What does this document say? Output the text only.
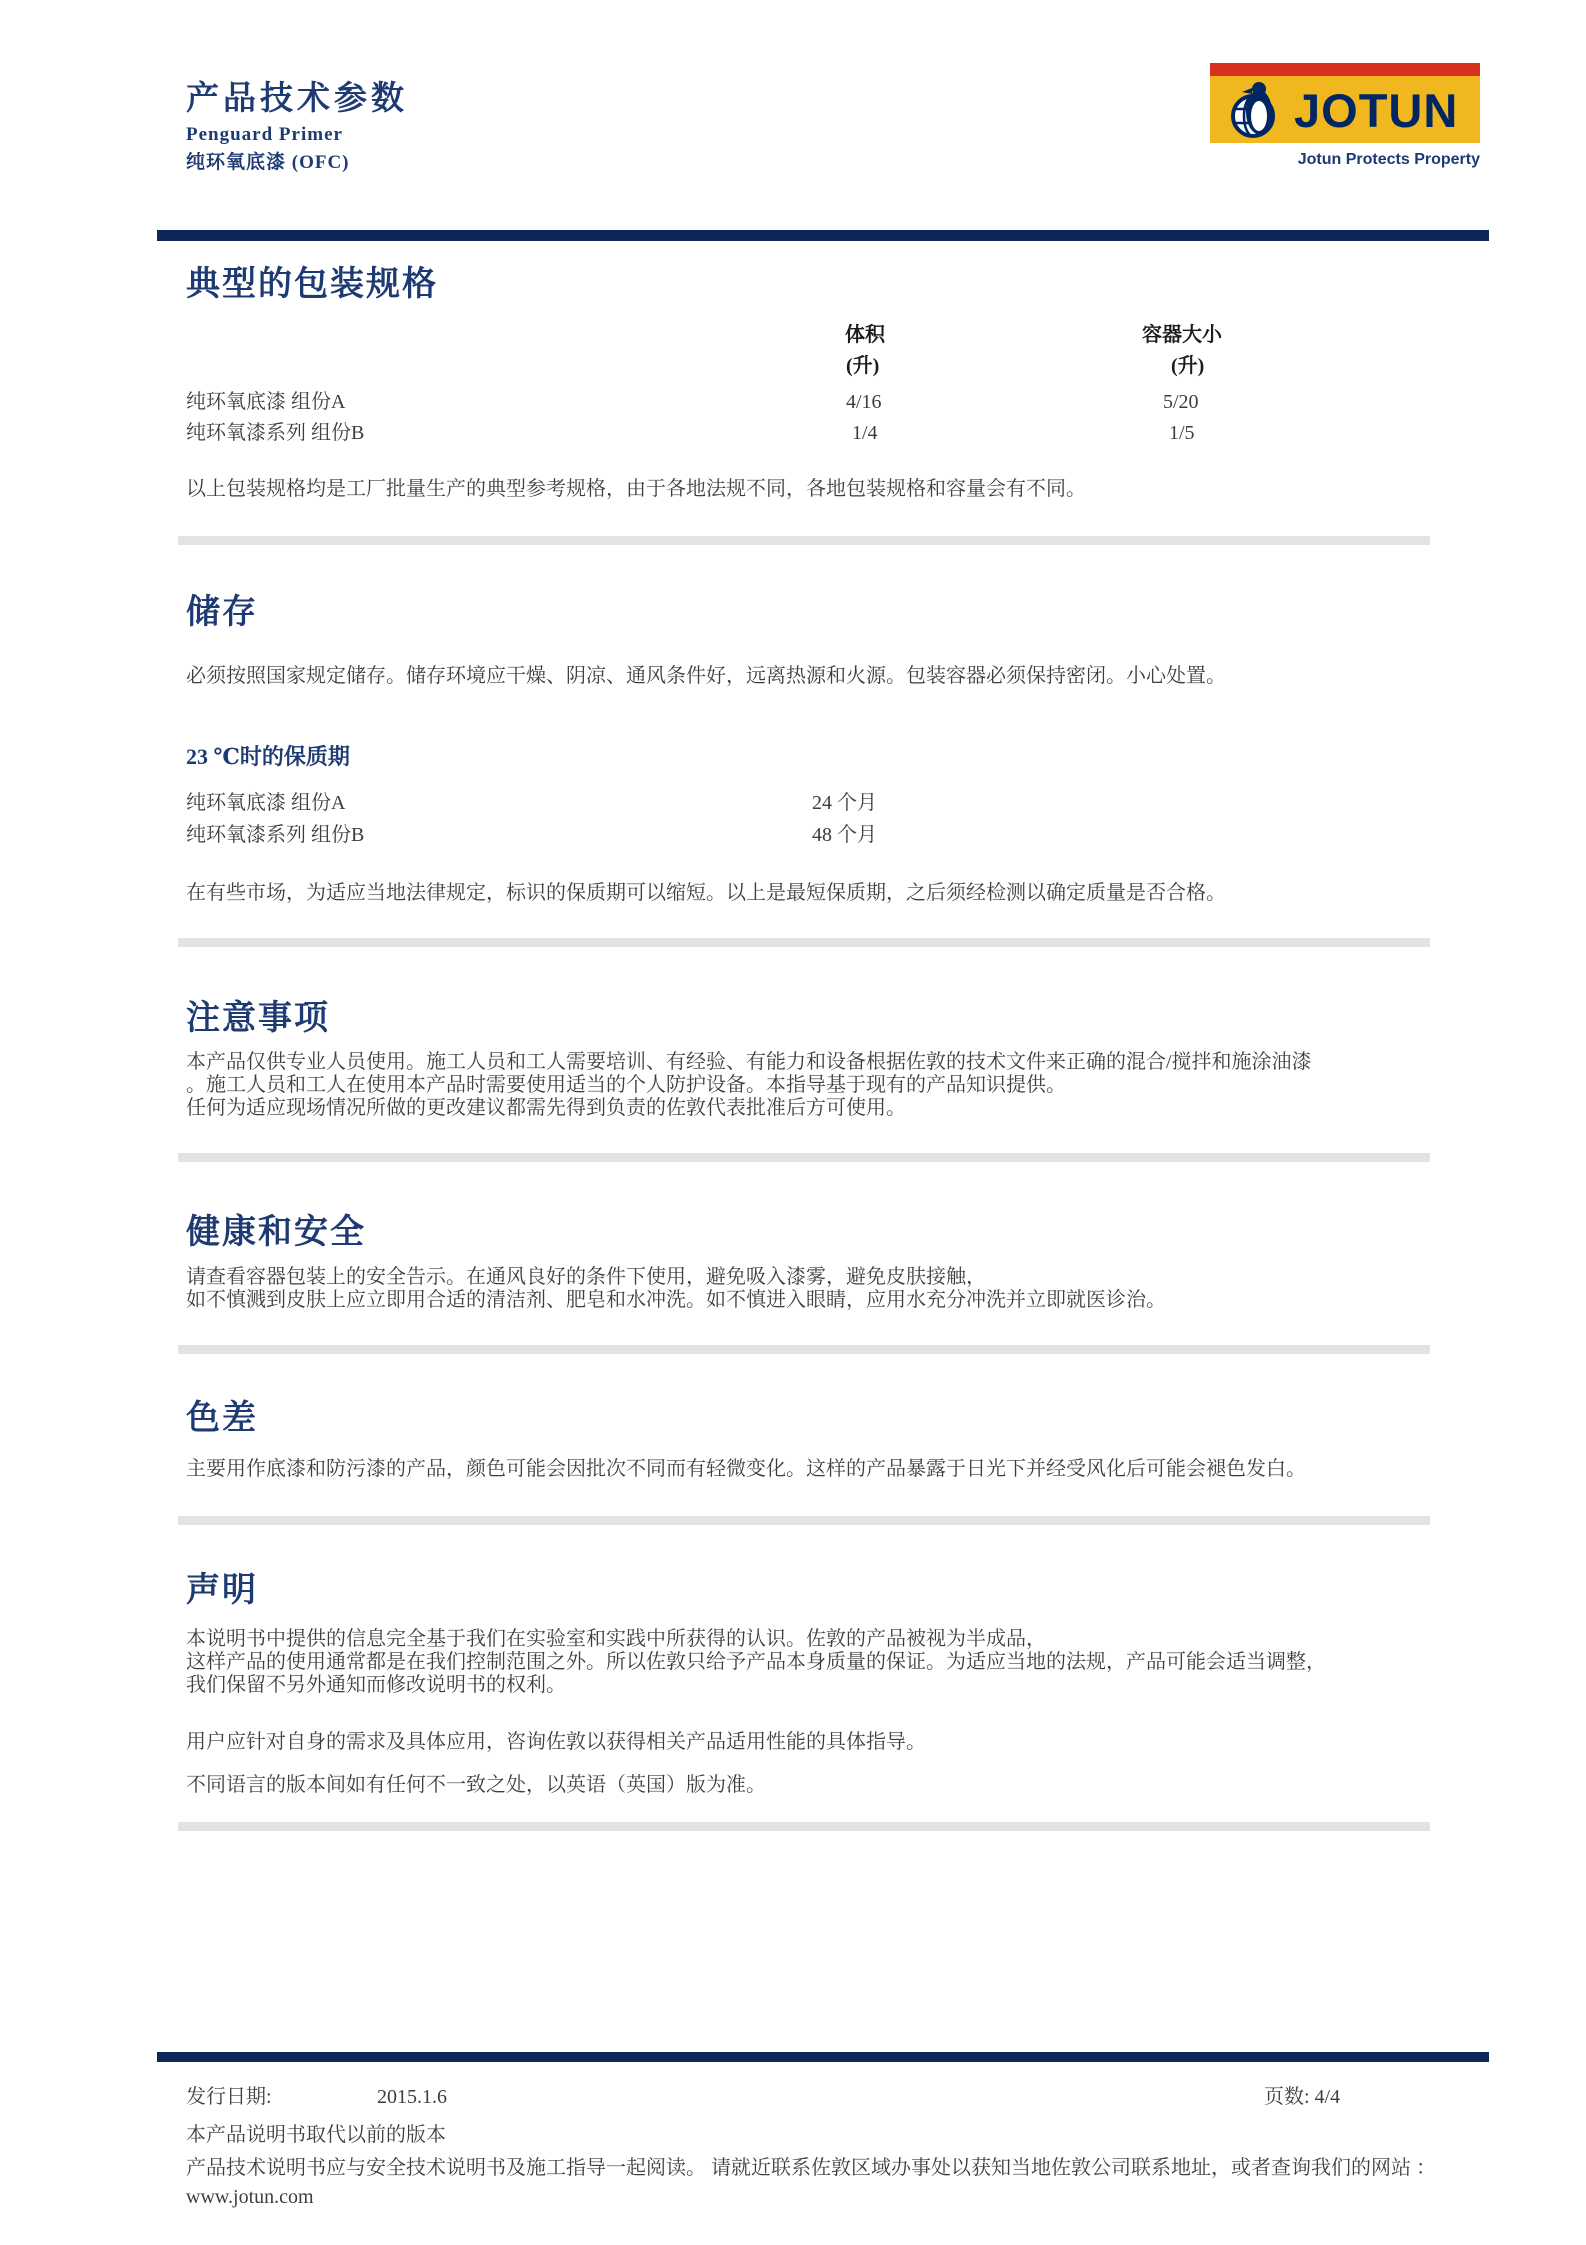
产品技术参数
Penguard Primer
纯环氧底漆 (OFC)
JOTUN
Jotun Protects Property
典型的包装规格
体积
(升)
容器大小
(升)
纯环氧底漆 组份A	4/16	5/20
纯环氧漆系列 组份B	1/4	1/5
以上包装规格均是工厂批量生产的典型参考规格，由于各地法规不同，各地包装规格和容量会有不同。
储存
必须按照国家规定储存。储存环境应干燥、阴凉、通风条件好，远离热源和火源。包装容器必须保持密闭。小心处置。
23 ℃时的保质期
纯环氧底漆 组份A	24 个月
纯环氧漆系列 组份B	48 个月
在有些市场，为适应当地法律规定，标识的保质期可以缩短。以上是最短保质期，之后须经检测以确定质量是否合格。
注意事项
本产品仅供专业人员使用。施工人员和工人需要培训、有经验、有能力和设备根据佐敦的技术文件来正确的混合/搅拌和施涂油漆
。施工人员和工人在使用本产品时需要使用适当的个人防护设备。本指导基于现有的产品知识提供。
任何为适应现场情况所做的更改建议都需先得到负责的佐敦代表批准后方可使用。
健康和安全
请查看容器包装上的安全告示。在通风良好的条件下使用，避免吸入漆雾，避免皮肤接触，
如不慎溅到皮肤上应立即用合适的清洁剂、肥皂和水冲洗。如不慎进入眼睛，应用水充分冲洗并立即就医诊治。
色差
主要用作底漆和防污漆的产品，颜色可能会因批次不同而有轻微变化。这样的产品暴露于日光下并经受风化后可能会褪色发白。
声明
本说明书中提供的信息完全基于我们在实验室和实践中所获得的认识。佐敦的产品被视为半成品，
这样产品的使用通常都是在我们控制范围之外。所以佐敦只给予产品本身质量的保证。为适应当地的法规，产品可能会适当调整，
我们保留不另外通知而修改说明书的权利。
用户应针对自身的需求及具体应用，咨询佐敦以获得相关产品适用性能的具体指导。
不同语言的版本间如有任何不一致之处，以英语（英国）版为准。
发行日期:	2015.1.6	页数: 4/4
本产品说明书取代以前的版本
产品技术说明书应与安全技术说明书及施工指导一起阅读。 请就近联系佐敦区域办事处以获知当地佐敦公司联系地址，或者查询我们的网站 ：
www.jotun.com
